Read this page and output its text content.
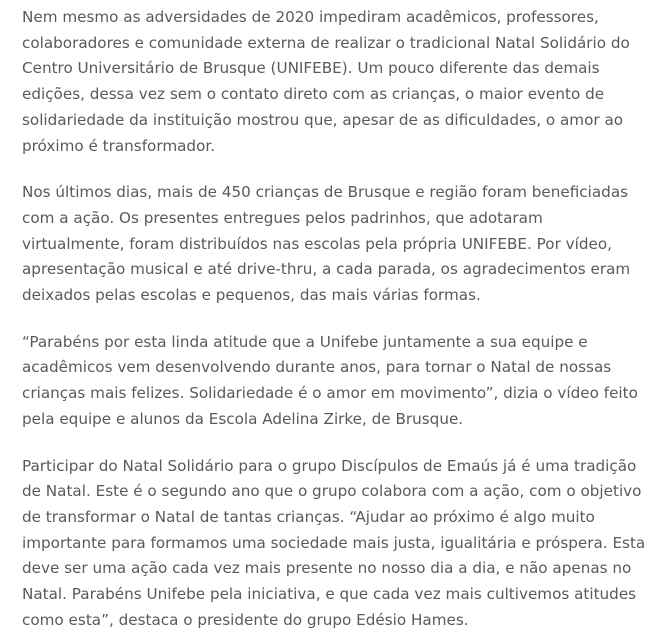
Nem mesmo as adversidades de 2020 impediram acadêmicos, professores,
colaboradores e comunidade externa de realizar o tradicional Natal Solidário do
Centro Universitário de Brusque (UNIFEBE). Um pouco diferente das demais
edições, dessa vez sem o contato direto com as crianças, o maior evento de
solidariedade da instituição mostrou que, apesar de as dificuldades, o amor ao
próximo é transformador.

Nos últimos dias, mais de 450 crianças de Brusque e região foram beneficiadas
com a ação. Os presentes entregues pelos padrinhos, que adotaram
virtualmente, foram distribuídos nas escolas pela própria UNIFEBE. Por vídeo,
apresentação musical e até drive-thru, a cada parada, os agradecimentos eram
deixados pelas escolas e pequenos, das mais várias formas.

“Parabéns por esta linda atitude que a Unifebe juntamente a sua equipe e
acadêmicos vem desenvolvendo durante anos, para tornar o Natal de nossas
crianças mais felizes. Solidariedade é o amor em movimento”, dizia o vídeo feito
pela equipe e alunos da Escola Adelina Zirke, de Brusque.

Participar do Natal Solidário para o grupo Discípulos de Emaús já é uma tradição
de Natal. Este é o segundo ano que o grupo colabora com a ação, com o objetivo
de transformar o Natal de tantas crianças. “Ajudar ao próximo é algo muito
importante para formamos uma sociedade mais justa, igualitária e próspera. Esta
deve ser uma ação cada vez mais presente no nosso dia a dia, e não apenas no
Natal. Parabéns Unifebe pela iniciativa, e que cada vez mais cultivemos atitudes
como esta”, destaca o presidente do grupo Edésio Hames.
